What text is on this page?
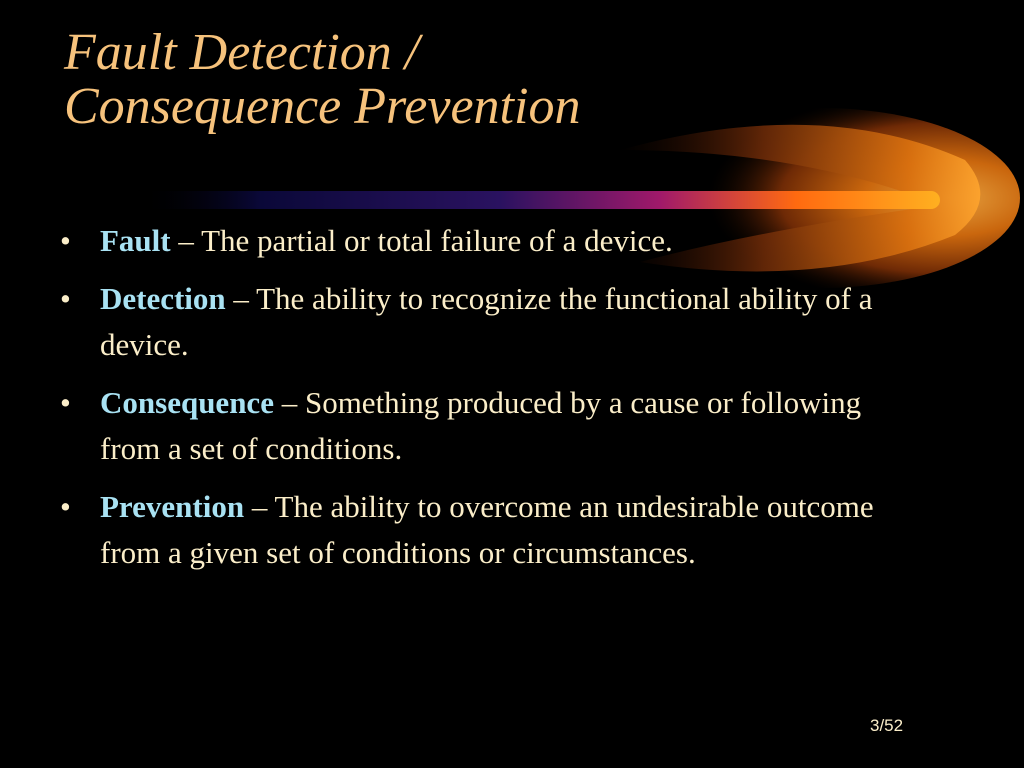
Fault Detection /
Consequence Prevention
• Fault – The partial or total failure of a device.
• Detection – The ability to recognize the functional ability of a device.
• Consequence – Something produced by a cause or following from a set of conditions.
• Prevention – The ability to overcome an undesirable outcome from a given set of conditions or circumstances.
3/52
